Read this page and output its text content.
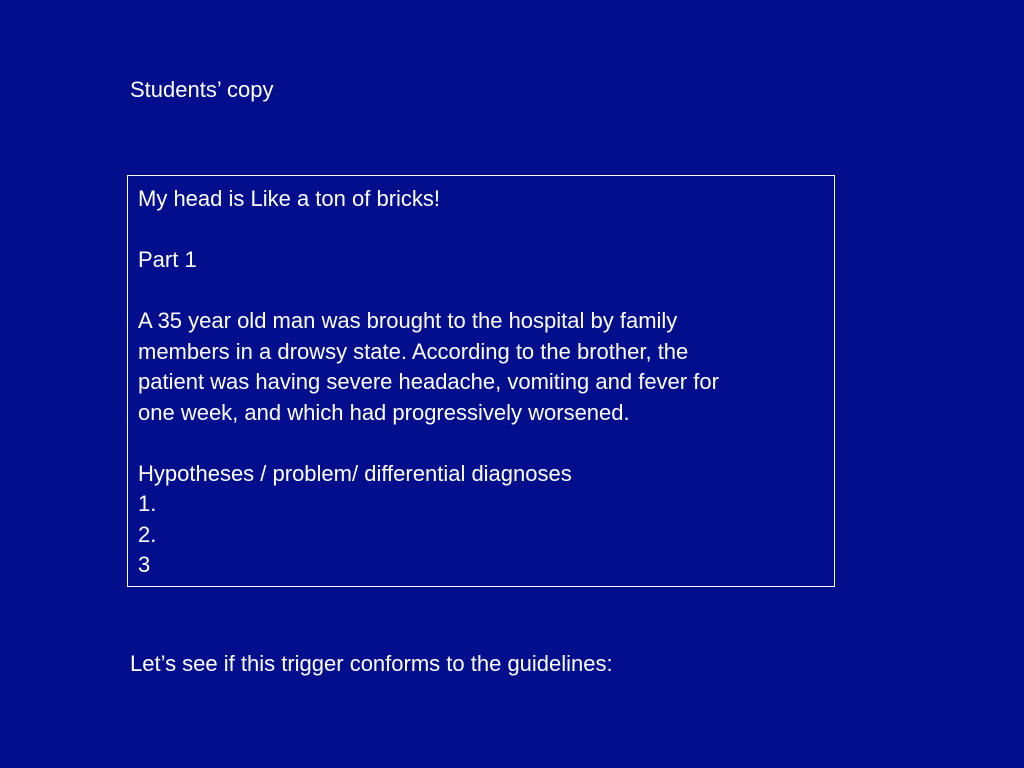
Students’ copy
My head is Like a ton of bricks!
Part 1
A 35 year old man was brought to the hospital by family
members in a drowsy state. According to the brother, the
patient was having severe headache, vomiting and fever for
one week, and which had progressively worsened.
Hypotheses / problem/ differential diagnoses
1.
2.
3
Let’s see if this trigger conforms to the guidelines:
